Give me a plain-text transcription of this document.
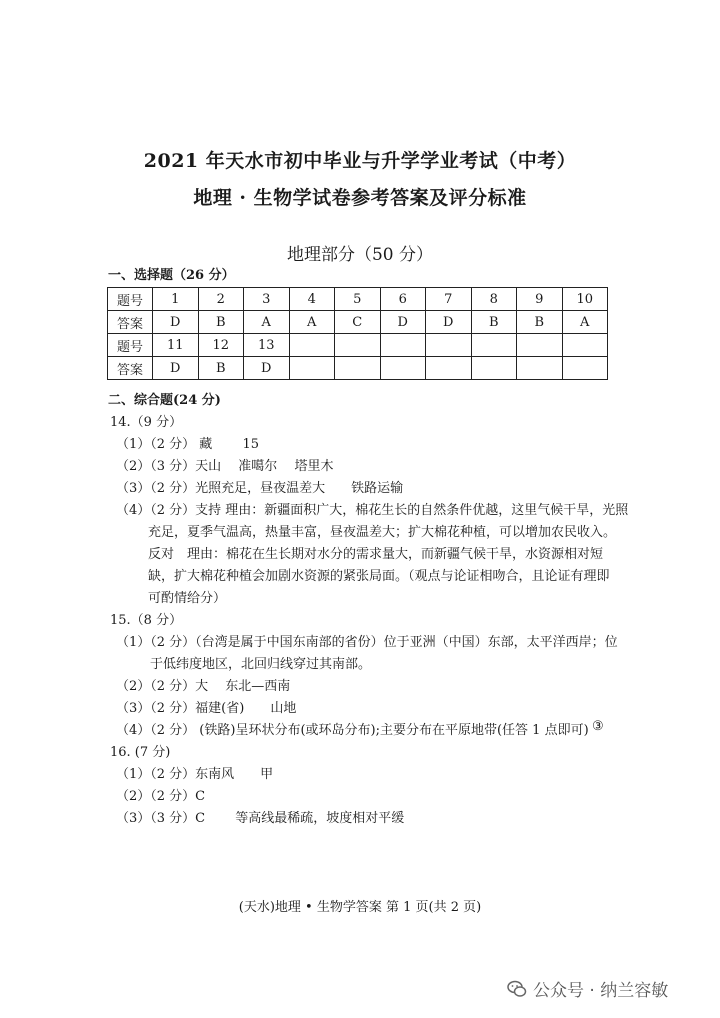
2021 年天水市初中毕业与升学学业考试（中考）
地理 · 生物学试卷参考答案及评分标准
地理部分（50 分）
一、选择题（26 分）
题号	1	2	3	4	5	6	7	8	9	10
答案	D	B	A	A	C	D	D	B	B	A
题号	11	12	13							
答案	D	B	D							
二、综合题(24 分)
14.（9 分）
（1）（2 分） 藏　　 15
（2）（3 分）天山　 准噶尔　 塔里木
（3）（2 分）光照充足，昼夜温差大　　铁路运输
（4）（2 分）支持 理由：新疆面积广大，棉花生长的自然条件优越，这里气候干旱，光照
充足，夏季气温高，热量丰富，昼夜温差大；扩大棉花种植，可以增加农民收入。
反对　理由：棉花在生长期对水分的需求量大，而新疆气候干旱，水资源相对短
缺，扩大棉花种植会加剧水资源的紧张局面。（观点与论证相吻合，且论证有理即
可酌情给分）
15.（8 分）
（1）（2 分）（台湾是属于中国东南部的省份）位于亚洲（中国）东部，太平洋西岸；位
于低纬度地区，北回归线穿过其南部。
（2）（2 分）大　 东北—西南
（3）（2 分）福建(省)　　山地
（4）（2 分） (铁路)呈环状分布(或环岛分布);主要分布在平原地带(任答 1 点即可) ③
16. (7 分)
（1）（2 分）东南风　　甲
（2）（2 分）C
（3）（3 分）C　　 等高线最稀疏，坡度相对平缓
(天水)地理 • 生物学答案 第 1 页(共 2 页)
公众号 · 纳兰容敏
